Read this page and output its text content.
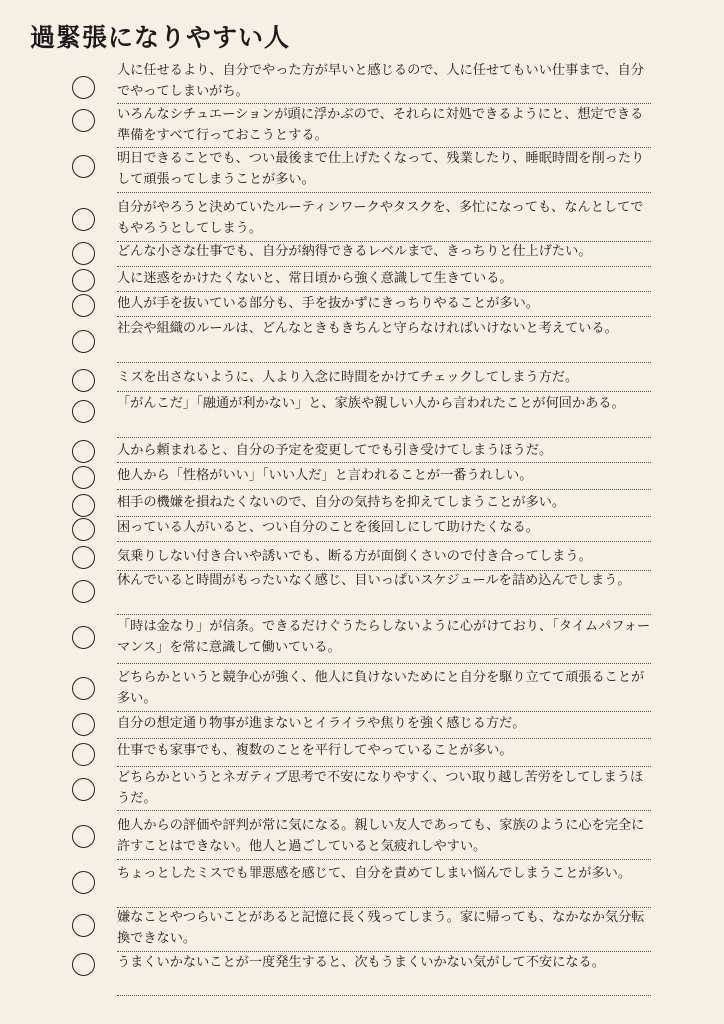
過緊張になりやすい人
人に任せるより、自分でやった方が早いと感じるので、人に任せてもいい仕事まで、自分でやってしまいがち。
いろんなシチュエーションが頭に浮かぶので、それらに対処できるようにと、想定できる準備をすべて行っておこうとする。
明日できることでも、つい最後まで仕上げたくなって、残業したり、睡眠時間を削ったりして頑張ってしまうことが多い。
自分がやろうと決めていたルーティンワークやタスクを、多忙になっても、なんとしてでもやろうとしてしまう。
どんな小さな仕事でも、自分が納得できるレベルまで、きっちりと仕上げたい。
人に迷惑をかけたくないと、常日頃から強く意識して生きている。
他人が手を抜いている部分も、手を抜かずにきっちりやることが多い。
社会や組織のルールは、どんなときもきちんと守らなければいけないと考えている。
ミスを出さないように、人より入念に時間をかけてチェックしてしまう方だ。
「がんこだ」「融通が利かない」と、家族や親しい人から言われたことが何回かある。
人から頼まれると、自分の予定を変更してでも引き受けてしまうほうだ。
他人から「性格がいい」「いい人だ」と言われることが一番うれしい。
相手の機嫌を損ねたくないので、自分の気持ちを抑えてしまうことが多い。
困っている人がいると、つい自分のことを後回しにして助けたくなる。
気乗りしない付き合いや誘いでも、断る方が面倒くさいので付き合ってしまう。
休んでいると時間がもったいなく感じ、目いっぱいスケジュールを詰め込んでしまう。
「時は金なり」が信条。できるだけぐうたらしないように心がけており、「タイムパフォーマンス」を常に意識して働いている。
どちらかというと競争心が強く、他人に負けないためにと自分を駆り立てて頑張ることが多い。
自分の想定通り物事が進まないとイライラや焦りを強く感じる方だ。
仕事でも家事でも、複数のことを平行してやっていることが多い。
どちらかというとネガティブ思考で不安になりやすく、つい取り越し苦労をしてしまうほうだ。
他人からの評価や評判が常に気になる。親しい友人であっても、家族のように心を完全に許すことはできない。他人と過ごしていると気疲れしやすい。
ちょっとしたミスでも罪悪感を感じて、自分を責めてしまい悩んでしまうことが多い。
嫌なことやつらいことがあると記憶に長く残ってしまう。家に帰っても、なかなか気分転換できない。
うまくいかないことが一度発生すると、次もうまくいかない気がして不安になる。
